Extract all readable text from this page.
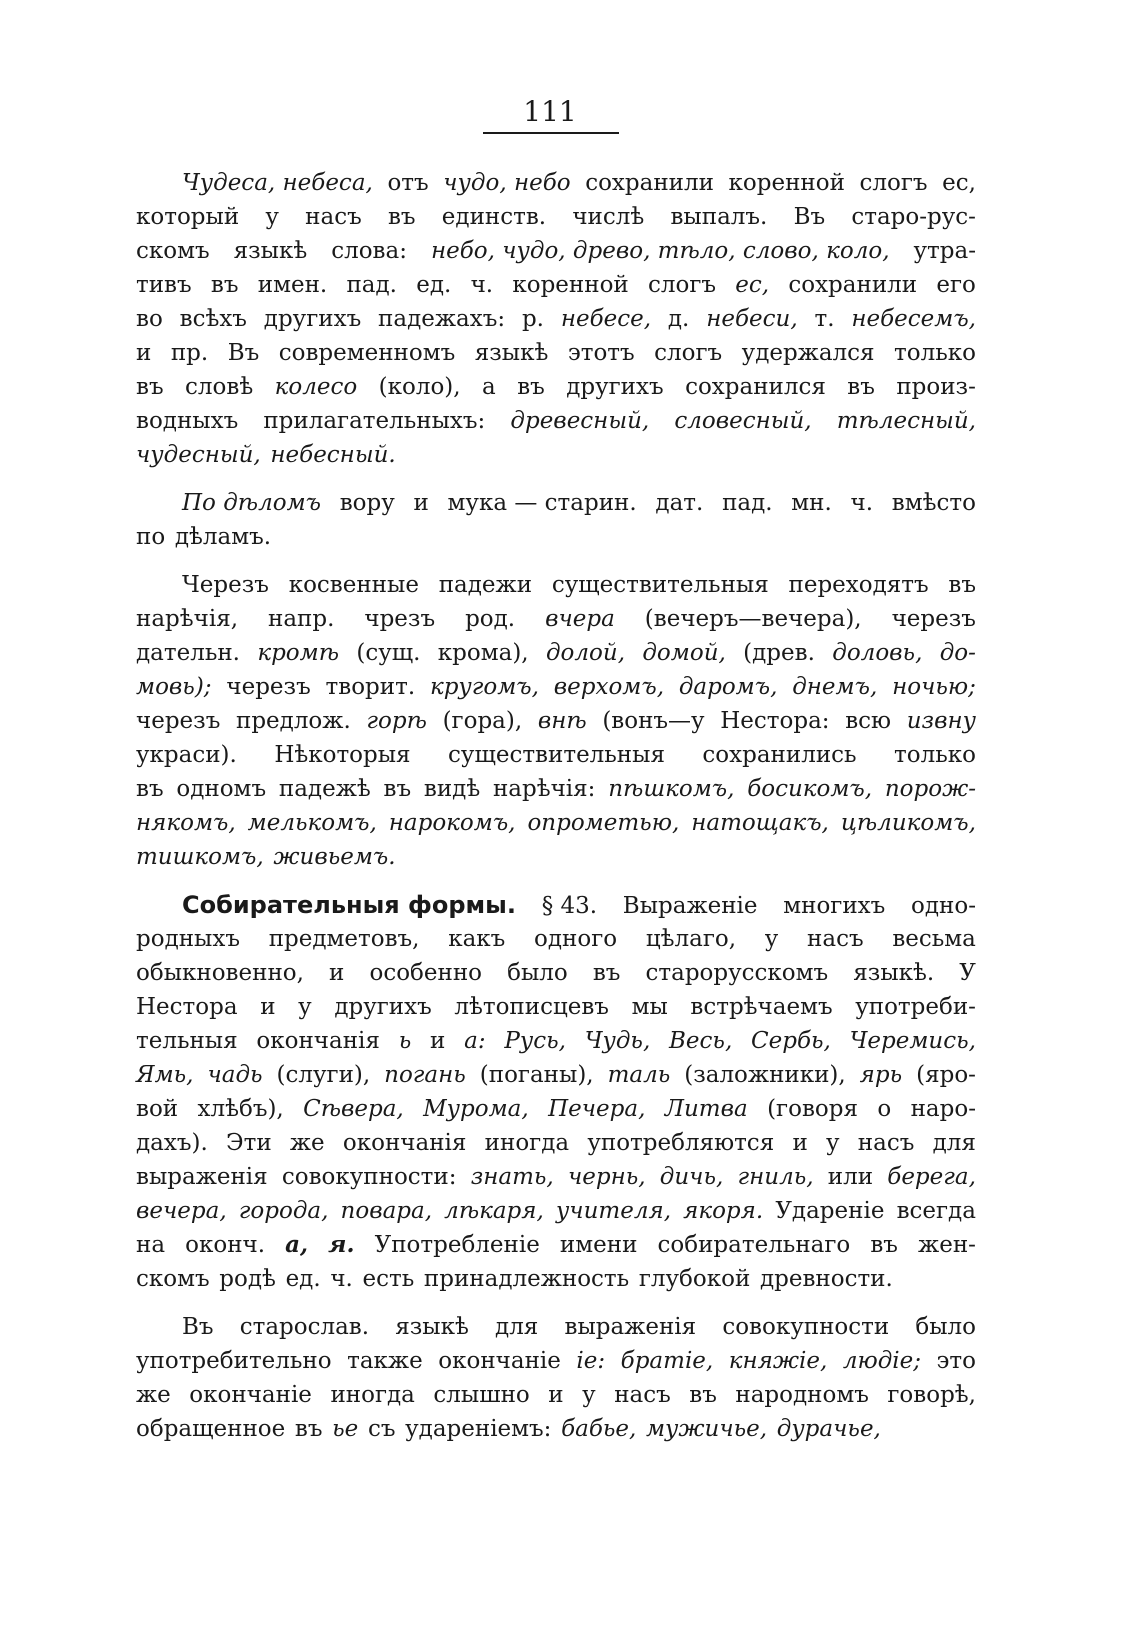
111
Чудеса, небеса, отъ чудо, небо сохранили коренной слогъ ес,
который у насъ въ единств. числѣ выпалъ. Въ старо-рус-
скомъ языкѣ слова: небо, чудо, древо, тѣло, слово, коло, утра-
тивъ въ имен. пад. ед. ч. коренной слогъ ес, сохранили его
во всѣхъ другихъ падежахъ: р. небесе, д. небеси, т. небесемъ,
и пр. Въ современномъ языкѣ этотъ слогъ удержался только
въ словѣ колесо (коло), а въ другихъ сохранился въ произ-
водныхъ прилагательныхъ: древесный, словесный, тѣлесный,
чудесный, небесный.
По дѣломъ вору и мука — старин. дат. пад. мн. ч. вмѣсто
по дѣламъ.
Черезъ косвенные падежи существительныя переходятъ въ
нарѣчія, напр. чрезъ род. вчера (вечеръ—вечера), черезъ
дательн. кромѣ (сущ. крома), долой, домой, (древ. доловь, до-
мовь); черезъ творит. кругомъ, верхомъ, даромъ, днемъ, ночью;
черезъ предлож. горѣ (гора), внѣ (вонъ—у Нестора: всю извну
украси). Нѣкоторыя существительныя сохранились только
въ одномъ падежѣ въ видѣ нарѣчія: пѣшкомъ, босикомъ, порож-
някомъ, мелькомъ, нарокомъ, опрометью, натощакъ, цѣликомъ,
тишкомъ, живьемъ.
Собирательныя формы. § 43. Выраженіе многихъ одно-
родныхъ предметовъ, какъ одного цѣлаго, у насъ весьма
обыкновенно, и особенно было въ старорусскомъ языкѣ. У
Нестора и у другихъ лѣтописцевъ мы встрѣчаемъ употреби-
тельныя окончанія ь и а: Русь, Чудь, Весь, Сербь, Черемись,
Ямь, чадь (слуги), погань (поганы), таль (заложники), ярь (яро-
вой хлѣбъ), Сѣвера, Мурома, Печера, Литва (говоря о наро-
дахъ). Эти же окончанія иногда употребляются и у насъ для
выраженія совокупности: знать, чернь, дичь, гниль, или берега,
вечера, города, повара, лѣкаря, учителя, якоря. Удареніе всегда
на оконч. а, я. Употребленіе имени собирательнаго въ жен-
скомъ родѣ ед. ч. есть принадлежность глубокой древности.
Въ старослав. языкѣ для выраженія совокупности было
употребительно также окончаніе іе: братіе, княжіе, людіе; это
же окончаніе иногда слышно и у насъ въ народномъ говорѣ,
обращенное въ ье съ удареніемъ: бабье, мужичье, дурачье,
